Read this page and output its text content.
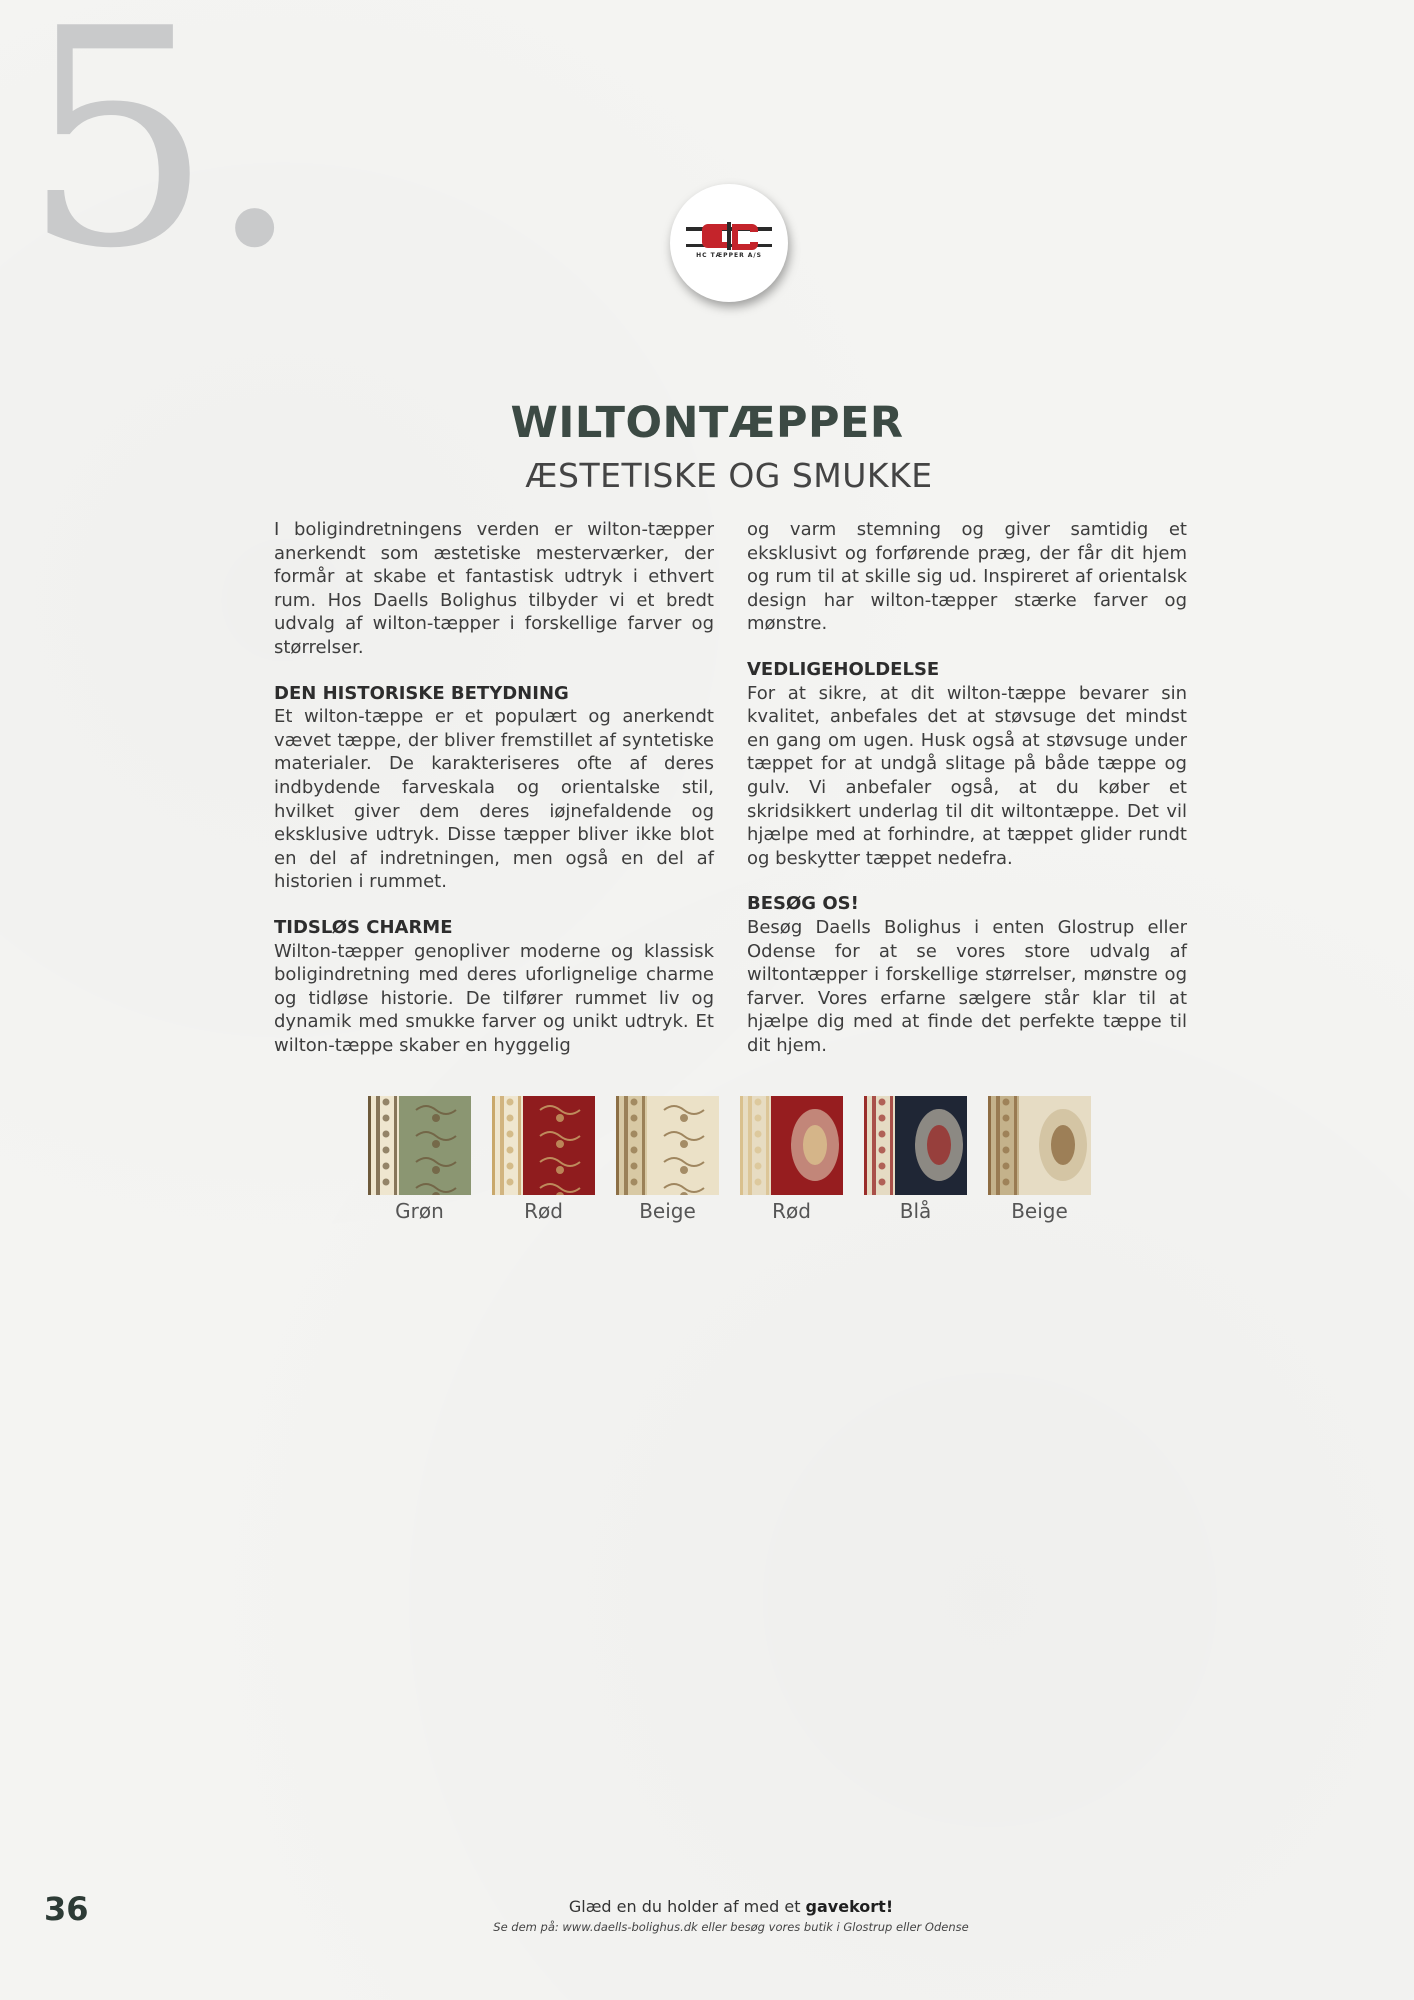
5.	HC TÆPPER A/S
WILTONTÆPPER
ÆSTETISKE OG SMUKKE

I boligindretningens verden er wilton-tæpper anerkendt som æstetiske mesterværker, der formår at skabe et fantastisk udtryk i ethvert rum. Hos Daells Bolighus tilbyder vi et bredt udvalg af wilton-tæpper i forskellige farver og størrelser.

DEN HISTORISKE BETYDNING

Et wilton-tæppe er et populært og anerkendt vævet tæppe, der bliver fremstillet af syntetiske materialer. De karakteriseres ofte af deres indbydende farveskala og orientalske stil, hvilket giver dem deres iøjnefaldende og eksklusive udtryk. Disse tæpper bliver ikke blot en del af indretningen, men også en del af historien i rummet.

TIDSLØS CHARME

Wilton-tæpper genopliver moderne og klassisk boligindretning med deres uforlignelige charme og tidløse historie. De tilfører rummet liv og dynamik med smukke farver og unikt udtryk. Et wilton-tæppe skaber en hyggelig

og varm stemning og giver samtidig et eksklusivt og forførende præg, der får dit hjem og rum til at skille sig ud. Inspireret af orientalsk design har wilton-tæpper stærke farver og mønstre.

VEDLIGEHOLDELSE

For at sikre, at dit wilton-tæppe bevarer sin kvalitet, anbefales det at støvsuge det mindst en gang om ugen. Husk også at støvsuge under tæppet for at undgå slitage på både tæppe og gulv. Vi anbefaler også, at du køber et skridsikkert underlag til dit wiltontæppe. Det vil hjælpe med at forhindre, at tæppet glider rundt og beskytter tæppet nedefra.

BESØG OS!

Besøg Daells Bolighus i enten Glostrup eller Odense for at se vores store udvalg af wiltontæpper i forskellige størrelser, mønstre og farver. Vores erfarne sælgere står klar til at hjælpe dig med at finde det perfekte tæppe til dit hjem.

Grøn	Rød	Beige	Rød	Blå	Beige
36	Glæd en du holder af med et gavekort!
Se dem på: www.daells-bolighus.dk eller besøg vores butik i Glostrup eller Odense
